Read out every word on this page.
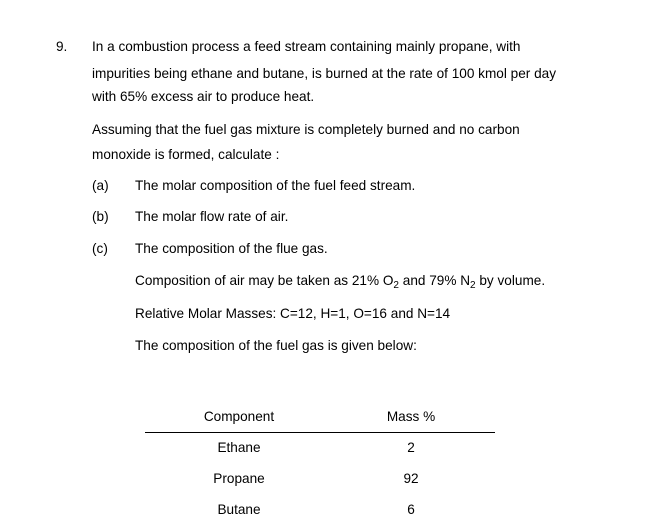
9. In a combustion process a feed stream containing mainly propane, with
impurities being ethane and butane, is burned at the rate of 100 kmol per day
with 65% excess air to produce heat.
Assuming that the fuel gas mixture is completely burned and no carbon
monoxide is formed, calculate :
(a) The molar composition of the fuel feed stream.
(b) The molar flow rate of air.
(c) The composition of the flue gas.
Composition of air may be taken as 21% $O_2$ and 79% $N_2$ by volume.
Relative Molar Masses: C=12, H=1, O=16 and N=14
The composition of the fuel gas is given below:
Component	Mass %
Ethane	2
Propane	92
Butane	6
